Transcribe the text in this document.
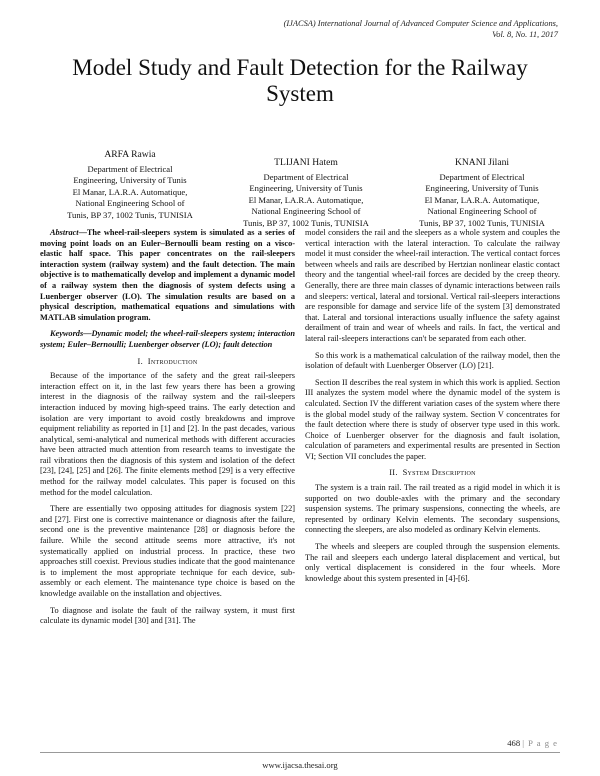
(IJACSA) International Journal of Advanced Computer Science and Applications,
Vol. 8, No. 11, 2017
Model Study and Fault Detection for the Railway System
ARFA Rawia
Department of Electrical
Engineering, University of Tunis
El Manar, LA.R.A. Automatique,
National Engineering School of
Tunis, BP 37, 1002 Tunis, TUNISIA
TLIJANI Hatem
Department of Electrical
Engineering, University of Tunis
El Manar, LA.R.A. Automatique,
National Engineering School of
Tunis, BP 37, 1002 Tunis, TUNISIA
KNANI Jilani
Department of Electrical
Engineering, University of Tunis
El Manar, LA.R.A. Automatique,
National Engineering School of
Tunis, BP 37, 1002 Tunis, TUNISIA

Abstract—The wheel-rail-sleepers system is simulated as a series of moving point loads on an Euler–Bernoulli beam resting on a visco-elastic half space. This paper concentrates on the rail-sleepers interaction system (railway system) and the fault detection. The main objective is to mathematically develop and implement a dynamic model of a railway system then the diagnosis of system defects using a Luenberger observer (LO). The simulation results are based on a physical description, mathematical equations and simulations with MATLAB simulation program.

Keywords—Dynamic model; the wheel-rail-sleepers system; interaction system; Euler–Bernoulli; Luenberger observer (LO); fault detection

I. Introduction

Because of the importance of the safety and the great rail-sleepers interaction effect on it, in the last few years there has been a growing interest in the diagnosis of the railway system and the rail-sleepers interaction induced by moving high-speed trains. The early detection and isolation are very important to avoid costly breakdowns and improve equipment reliability as reported in [1] and [2]. In the past decades, various analytical, semi-analytical and numerical methods with different accuracies have been attracted much attention from research teams to investigate the rail vibrations then the diagnosis of this system and isolation of the defect [23], [24], [25] and [26]. The finite elements method [29] is a very effective method for the railway model calculates. This paper is focused on this method for the model calculation.

There are essentially two opposing attitudes for diagnosis system [22] and [27]. First one is corrective maintenance or diagnosis after the failure, second one is the preventive maintenance [28] or diagnosis before the failure. While the second attitude seems more attractive, it's not systematically applied on industrial process. In practice, these two approaches still coexist. Previous studies indicate that the good maintenance is to implement the most appropriate technique for each device, sub-assembly or each element. The maintenance type choice is based on the knowledge available on the installation and objectives.

To diagnose and isolate the fault of the railway system, it must first calculate its dynamic model [30] and [31]. The

model considers the rail and the sleepers as a whole system and couples the vertical interaction with the lateral interaction. To calculate the railway model it must consider the wheel-rail interaction. The vertical contact forces between wheels and rails are described by Hertzian nonlinear elastic contact theory and the tangential wheel-rail forces are decided by the creep theory. Generally, there are three main classes of dynamic interactions between rails and sleepers: vertical, lateral and torsional. Vertical rail-sleepers interactions are responsible for damage and service life of the system [3] demonstrated that. Lateral and torsional interactions usually influence the safety against derailment of train and wear of wheels and rails. In fact, the vertical and lateral rail-sleepers interactions can't be separated from each other.

So this work is a mathematical calculation of the railway model, then the isolation of default with Luenberger Observer (LO) [21].

Section II describes the real system in which this work is applied. Section III analyzes the system model where the dynamic model of the system is calculated. Section IV the different variation cases of the system where there is the global model study of the railway system. Section V concentrates for the fault detection where there is study of observer type used in this work. Choice of Luenberger observer for the diagnosis and fault isolation, calculation of parameters and experimental results are presented in Section VI; Section VII concludes the paper.

II. System Description

The system is a train rail. The rail treated as a rigid model in which it is supported on two double-axles with the primary and the secondary suspension systems. The primary suspensions, connecting the wheels, are represented by ordinary Kelvin elements. The secondary suspensions, connecting the sleepers, are also modeled as ordinary Kelvin elements.

The wheels and sleepers are coupled through the suspension elements. The rail and sleepers each undergo lateral displacement and vertical, but only vertical displacement is considered in the four wheels. More knowledge about this system presented in [4]-[6].

468 | P a g e
www.ijacsa.thesai.org
